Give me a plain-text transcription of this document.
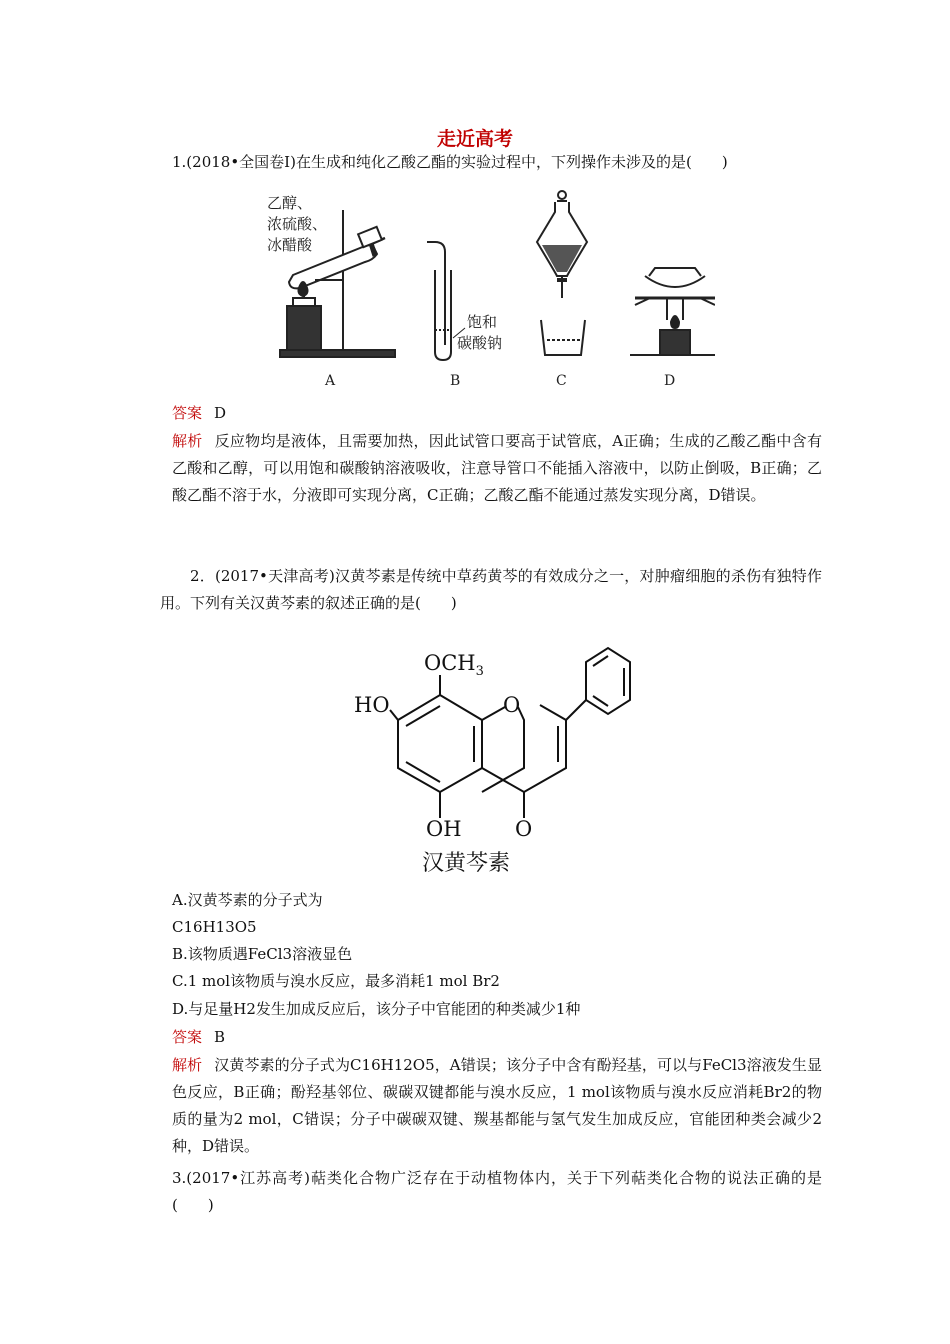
走近高考
1.(2018•全国卷Ⅰ)在生成和纯化乙酸乙酯的实验过程中，下列操作未涉及的是(　　)
乙醇、
浓硫酸、
冰醋酸
饱和
碳酸钠
A	B	C	D
答案 D
解析 反应物均是液体，且需要加热，因此试管口要高于试管底，A正确；生成的乙酸乙酯中含有乙酸和乙醇，可以用饱和碳酸钠溶液吸收，注意导管口不能插入溶液中，以防止倒吸，B正确；乙酸乙酯不溶于水，分液即可实现分离，C正确；乙酸乙酯不能通过蒸发实现分离，D错误。
2．(2017•天津高考)汉黄芩素是传统中草药黄芩的有效成分之一，对肿瘤细胞的杀伤有独特作用。下列有关汉黄芩素的叙述正确的是(　　)
$OCH_3$
HO	O
OH	O
汉黄芩素
A.汉黄芩素的分子式为
C16H13O5
B.该物质遇FeCl3溶液显色
C.1 mol该物质与溴水反应，最多消耗1 mol Br2
D.与足量H2发生加成反应后，该分子中官能团的种类减少1种
答案 B
解析 汉黄芩素的分子式为C16H12O5，A错误；该分子中含有酚羟基，可以与FeCl3溶液发生显色反应，B正确；酚羟基邻位、碳碳双键都能与溴水反应，1 mol该物质与溴水反应消耗Br2的物质的量为2 mol，C错误；分子中碳碳双键、羰基都能与氢气发生加成反应，官能团种类会减少2种，D错误。
3.(2017•江苏高考)萜类化合物广泛存在于动植物体内，关于下列萜类化合物的说法正确的是(　　)
